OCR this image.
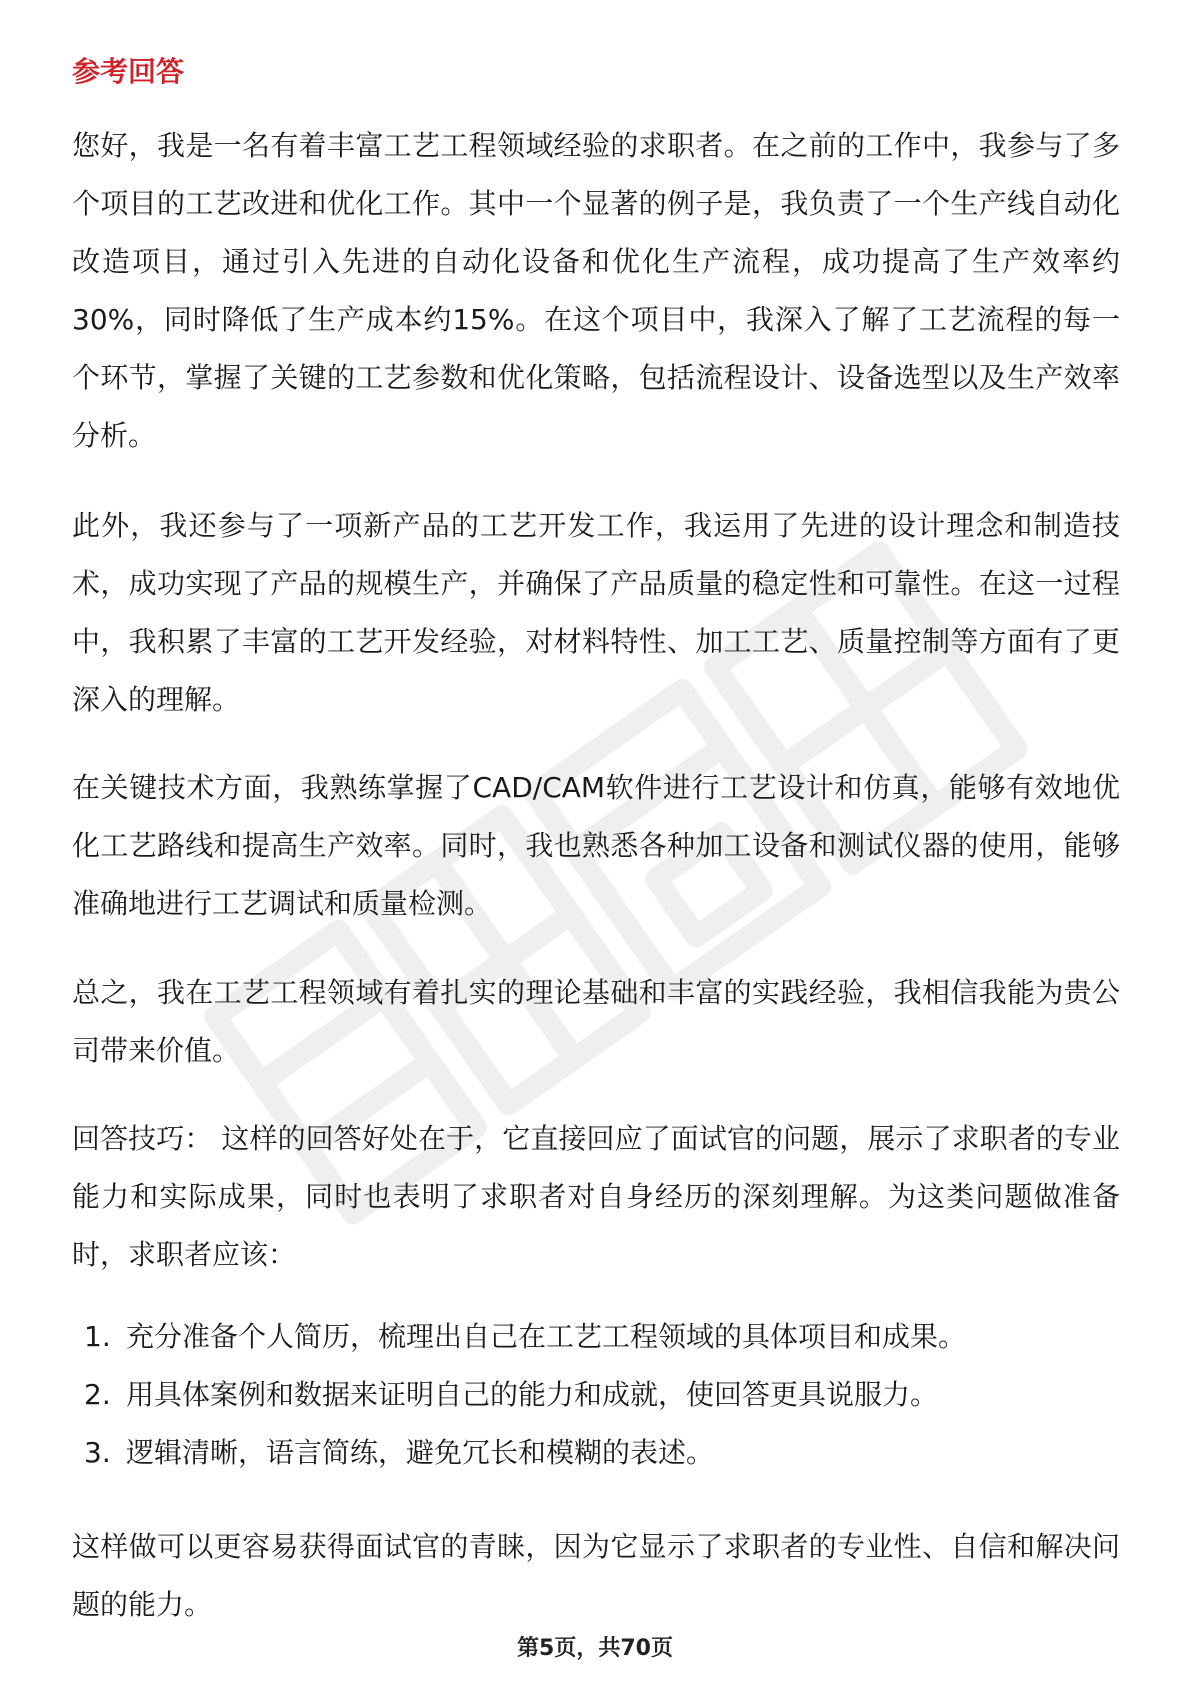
参考回答

您好，我是一名有着丰富工艺工程领域经验的求职者。在之前的工作中，我参与了多个项目的工艺改进和优化工作。其中一个显著的例子是，我负责了一个生产线自动化改造项目，通过引入先进的自动化设备和优化生产流程，成功提高了生产效率约30%，同时降低了生产成本约15%。在这个项目中，我深入了解了工艺流程的每一个环节，掌握了关键的工艺参数和优化策略，包括流程设计、设备选型以及生产效率分析。

此外，我还参与了一项新产品的工艺开发工作，我运用了先进的设计理念和制造技术，成功实现了产品的规模生产，并确保了产品质量的稳定性和可靠性。在这一过程中，我积累了丰富的工艺开发经验，对材料特性、加工工艺、质量控制等方面有了更深入的理解。

在关键技术方面，我熟练掌握了CAD/CAM软件进行工艺设计和仿真，能够有效地优化工艺路线和提高生产效率。同时，我也熟悉各种加工设备和测试仪器的使用，能够准确地进行工艺调试和质量检测。

总之，我在工艺工程领域有着扎实的理论基础和丰富的实践经验，我相信我能为贵公司带来价值。

回答技巧： 这样的回答好处在于，它直接回应了面试官的问题，展示了求职者的专业能力和实际成果，同时也表明了求职者对自身经历的深刻理解。为这类问题做准备时，求职者应该：

1. 充分准备个人简历，梳理出自己在工艺工程领域的具体项目和成果。
2. 用具体案例和数据来证明自己的能力和成就，使回答更具说服力。
3. 逻辑清晰，语言简练，避免冗长和模糊的表述。

这样做可以更容易获得面试官的青睐，因为它显示了求职者的专业性、自信和解决问题的能力。

第5页，共70页
